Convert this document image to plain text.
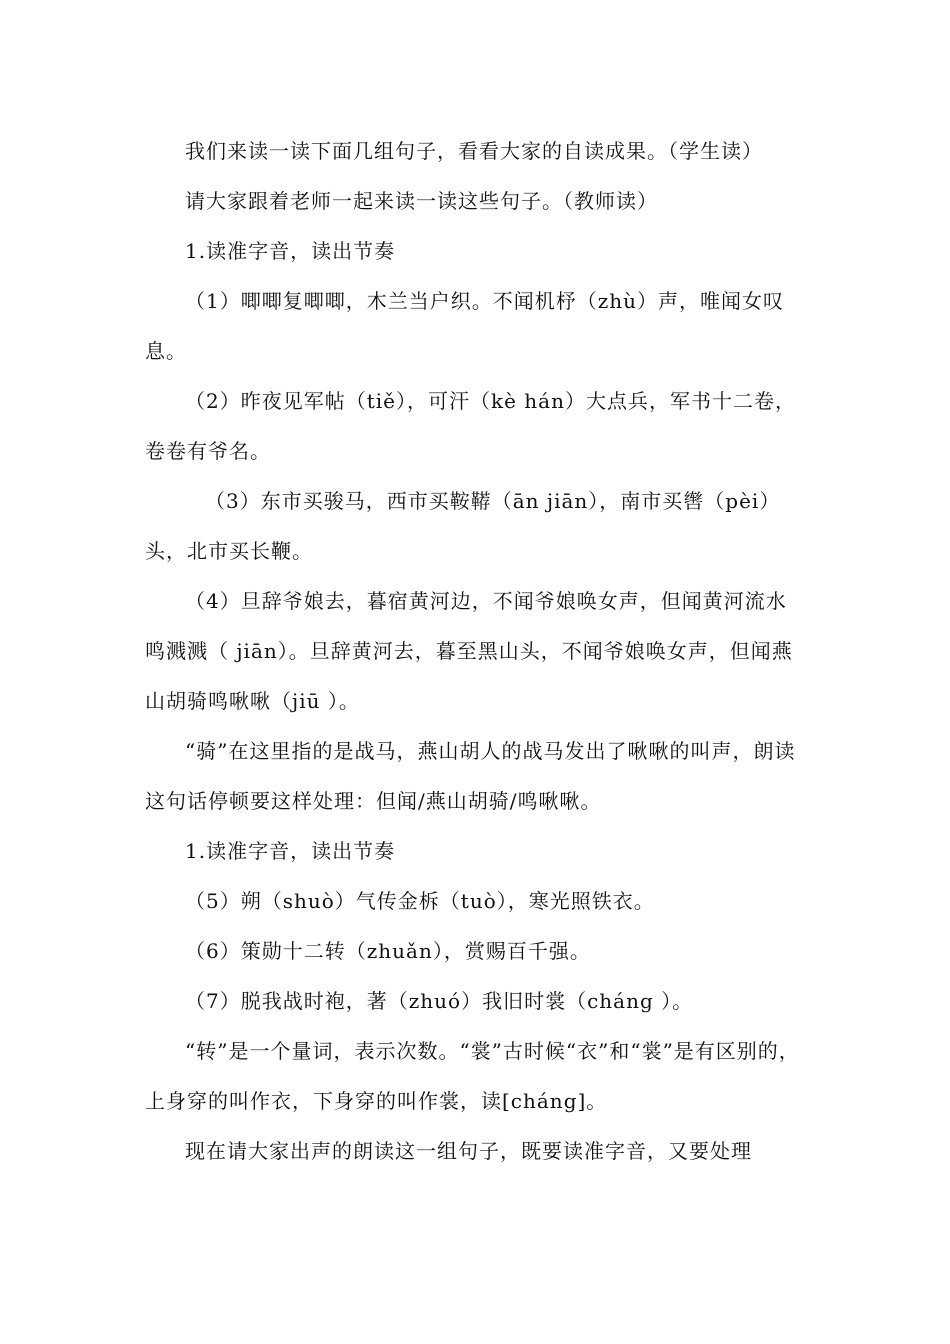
我们来读一读下面几组句子，看看大家的自读成果。（学生读）

请大家跟着老师一起来读一读这些句子。（教师读）

1.读准字音，读出节奏

（1）唧唧复唧唧，木兰当户织。不闻机杼（zhù）声，唯闻女叹息。

（2）昨夜见军帖（tiě），可汗（kè hán）大点兵，军书十二卷，卷卷有爷名。

（3）东市买骏马，西市买鞍鞯（ān jiān），南市买辔（pèi）头，北市买长鞭。

（4）旦辞爷娘去，暮宿黄河边，不闻爷娘唤女声，但闻黄河流水鸣溅溅（ jiān）。旦辞黄河去，暮至黑山头，不闻爷娘唤女声，但闻燕山胡骑鸣啾啾（jiū ）。

“骑”在这里指的是战马，燕山胡人的战马发出了啾啾的叫声，朗读这句话停顿要这样处理：但闻/燕山胡骑/鸣啾啾。

1.读准字音，读出节奏

（5）朔（shuò）气传金柝（tuò），寒光照铁衣。

（6）策勋十二转（zhuǎn），赏赐百千强。

（7）脱我战时袍，著（zhuó）我旧时裳（cháng ）。

“转”是一个量词，表示次数。“裳”古时候“衣”和“裳”是有区别的，上身穿的叫作衣，下身穿的叫作裳，读[cháng]。

现在请大家出声的朗读这一组句子，既要读准字音，又要处理
